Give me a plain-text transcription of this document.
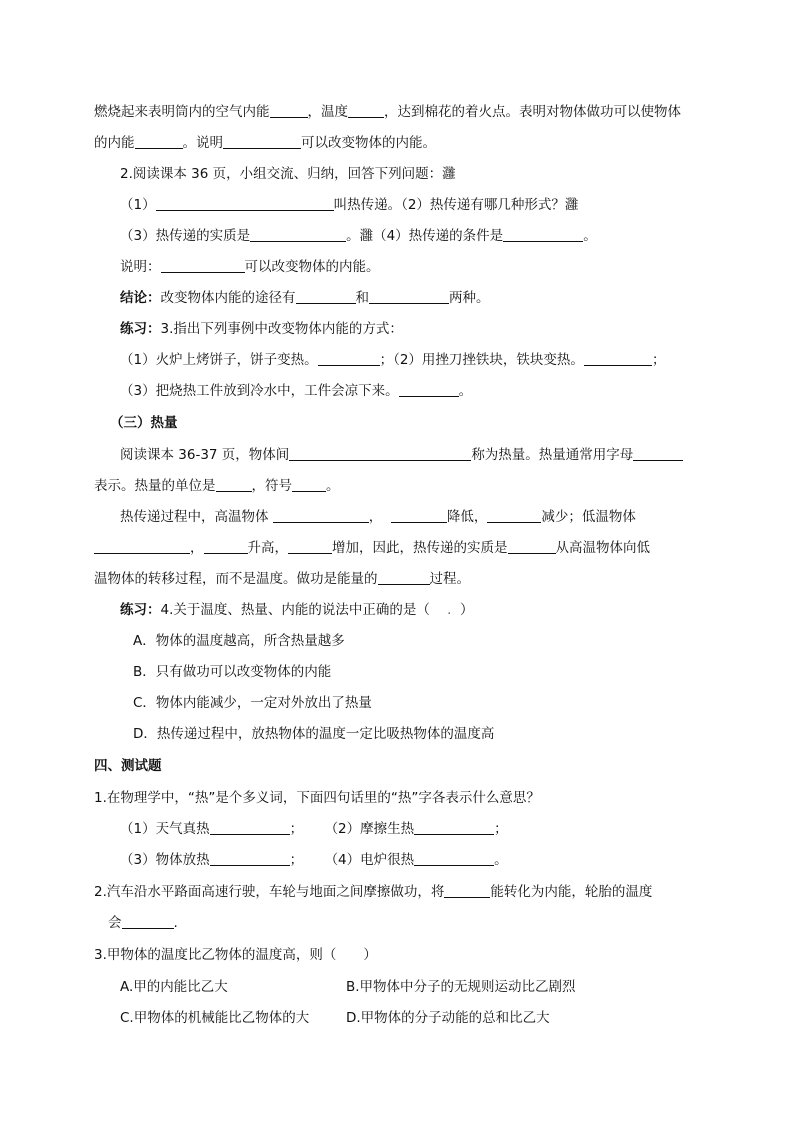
燃烧起来表明筒内的空气内能	，温度	，达到棉花的着火点。表明对物体做功可以使物体
的内能	。说明	可以改变物体的内能。
2.阅读课本 36 页，小组交流、归纳，回答下列问题：灉
（1）	叫热传递。（2）热传递有哪几种形式？灉
（3）热传递的实质是	。灉（4）热传递的条件是	。
说明：	可以改变物体的内能。
结论：改变物体内能的途径有	和	两种。
练习：3.指出下列事例中改变物体内能的方式：
（1）火炉上烤饼子，饼子变热。	；（2）用挫刀挫铁块，铁块变热。	；
（3）把烧热工件放到冷水中，工件会凉下来。	。
（三）热量
阅读课本 36-37 页，物体间	称为热量。热量通常用字母
表示。热量的单位是	，符号	。
热传递过程中，高温物体	，	降低，	减少；低温物体
，	升高，	增加，因此，热传递的实质是	从高温物体向低
温物体的转移过程，而不是温度。做功是能量的	过程。
练习：4.关于温度、热量、内能的说法中正确的是（ . ）
A．物体的温度越高，所含热量越多
B．只有做功可以改变物体的内能
C．物体内能减少，一定对外放出了热量
D．热传递过程中，放热物体的温度一定比吸热物体的温度高
四、测试题
1.在物理学中，“热”是个多义词，下面四句话里的“热”字各表示什么意思？
（1）天气真热	； （2）摩擦生热	；
（3）物体放热	； （4）电炉很热	。
2.汽车沿水平路面高速行驶，车轮与地面之间摩擦做功，将	能转化为内能，轮胎的温度
会	.
3.甲物体的温度比乙物体的温度高，则（　　）
A.甲的内能比乙大	B.甲物体中分子的无规则运动比乙剧烈
C.甲物体的机械能比乙物体的大	D.甲物体的分子动能的总和比乙大
